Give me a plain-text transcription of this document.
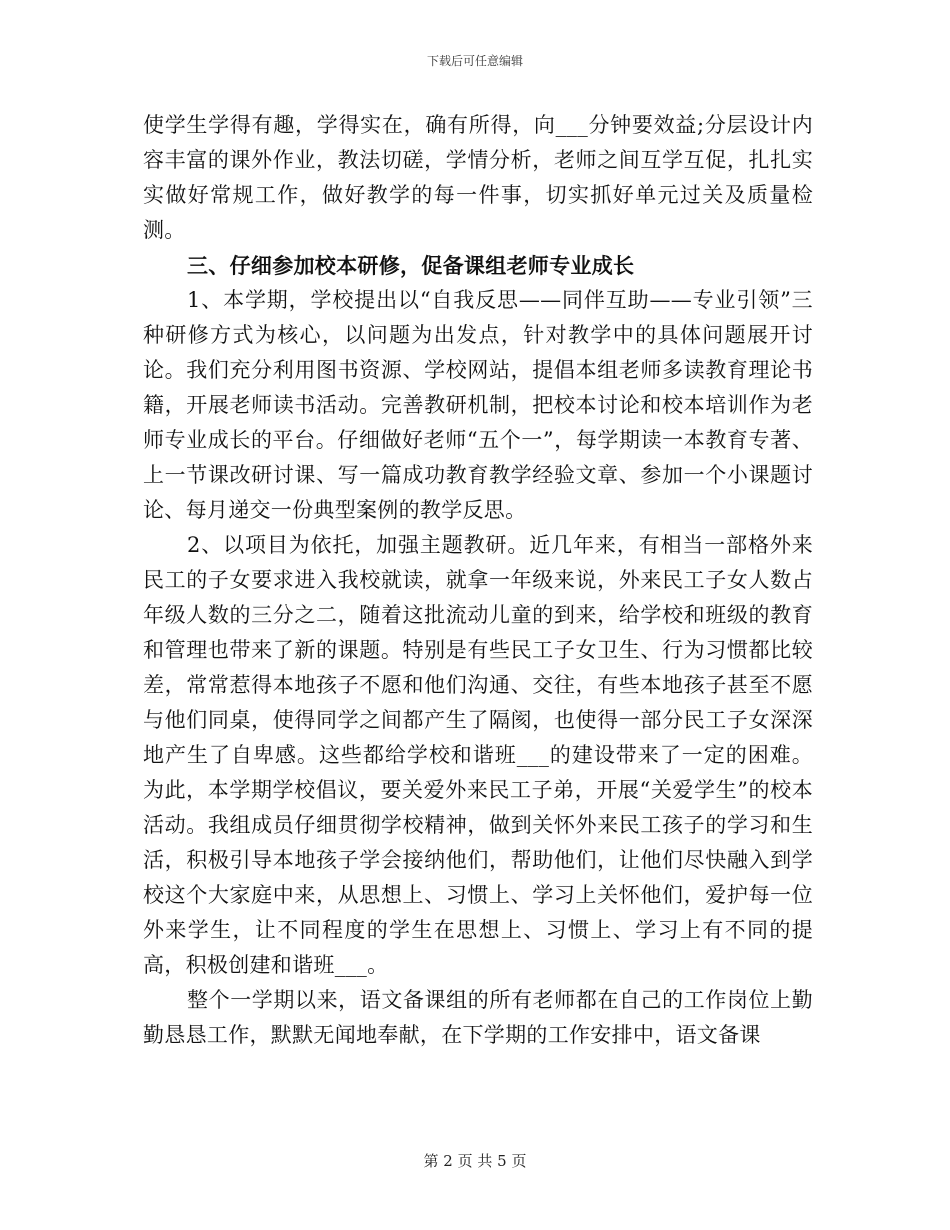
下载后可任意编辑

使学生学得有趣，学得实在，确有所得，向___分钟要效益;分层设计内容丰富的课外作业，教法切磋，学情分析，老师之间互学互促，扎扎实实做好常规工作，做好教学的每一件事，切实抓好单元过关及质量检测。

三、仔细参加校本研修，促备课组老师专业成长

1、本学期，学校提出以“自我反思——同伴互助——专业引领”三种研修方式为核心，以问题为出发点，针对教学中的具体问题展开讨论。我们充分利用图书资源、学校网站，提倡本组老师多读教育理论书籍，开展老师读书活动。完善教研机制，把校本讨论和校本培训作为老师专业成长的平台。仔细做好老师“五个一”，每学期读一本教育专著、上一节课改研讨课、写一篇成功教育教学经验文章、参加一个小课题讨论、每月递交一份典型案例的教学反思。

2、以项目为依托，加强主题教研。近几年来，有相当一部格外来民工的子女要求进入我校就读，就拿一年级来说，外来民工子女人数占年级人数的三分之二，随着这批流动儿童的到来，给学校和班级的教育和管理也带来了新的课题。特别是有些民工子女卫生、行为习惯都比较差，常常惹得本地孩子不愿和他们沟通、交往，有些本地孩子甚至不愿与他们同桌，使得同学之间都产生了隔阂，也使得一部分民工子女深深地产生了自卑感。这些都给学校和谐班___的建设带来了一定的困难。为此，本学期学校倡议，要关爱外来民工子弟，开展“关爱学生”的校本活动。我组成员仔细贯彻学校精神，做到关怀外来民工孩子的学习和生活，积极引导本地孩子学会接纳他们，帮助他们，让他们尽快融入到学校这个大家庭中来，从思想上、习惯上、学习上关怀他们，爱护每一位外来学生，让不同程度的学生在思想上、习惯上、学习上有不同的提高，积极创建和谐班___。

整个一学期以来，语文备课组的所有老师都在自己的工作岗位上勤勤恳恳工作，默默无闻地奉献，在下学期的工作安排中，语文备课

第 2 页 共 5 页
